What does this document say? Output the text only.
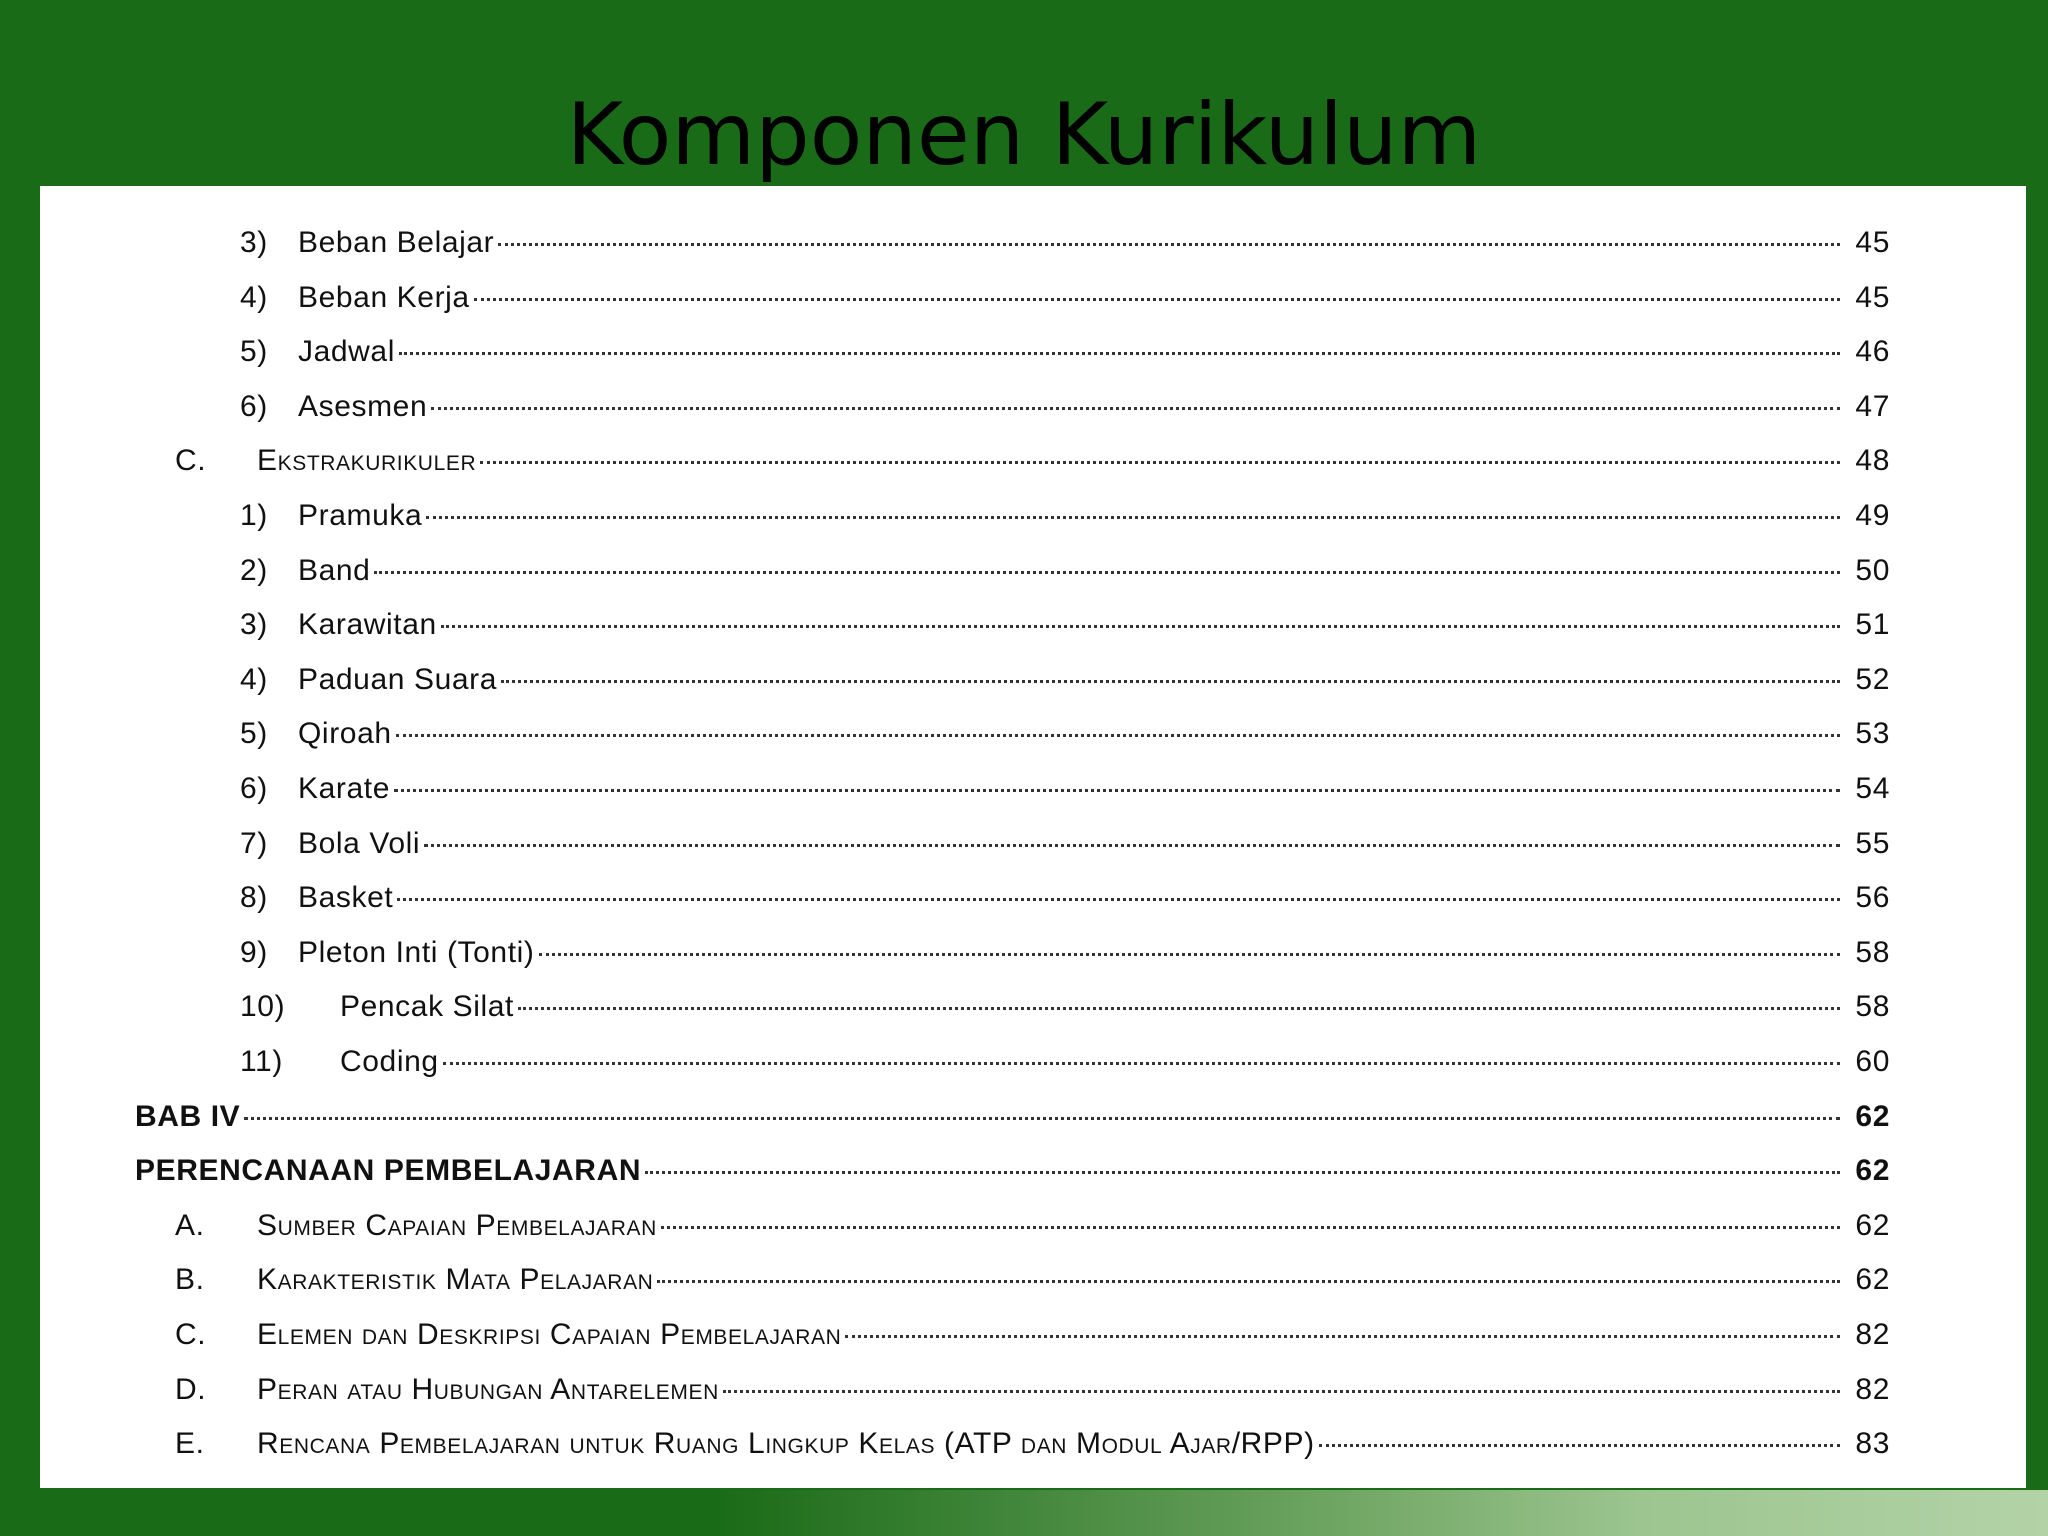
Komponen Kurikulum
3)	Beban Belajar	45
4)	Beban Kerja	45
5)	Jadwal	46
6)	Asesmen	47
C.	Ekstrakurikuler	48
1)	Pramuka	49
2)	Band	50
3)	Karawitan	51
4)	Paduan Suara	52
5)	Qiroah	53
6)	Karate	54
7)	Bola Voli	55
8)	Basket	56
9)	Pleton Inti (Tonti)	58
10)	Pencak Silat	58
11)	Coding	60
BAB IV	62
PERENCANAAN PEMBELAJARAN	62
A.	Sumber Capaian Pembelajaran	62
B.	Karakteristik Mata Pelajaran	62
C.	Elemen dan Deskripsi Capaian Pembelajaran	82
D.	Peran atau Hubungan Antarelemen	82
E.	Rencana Pembelajaran untuk Ruang Lingkup Kelas (ATP dan Modul Ajar/RPP)	83
